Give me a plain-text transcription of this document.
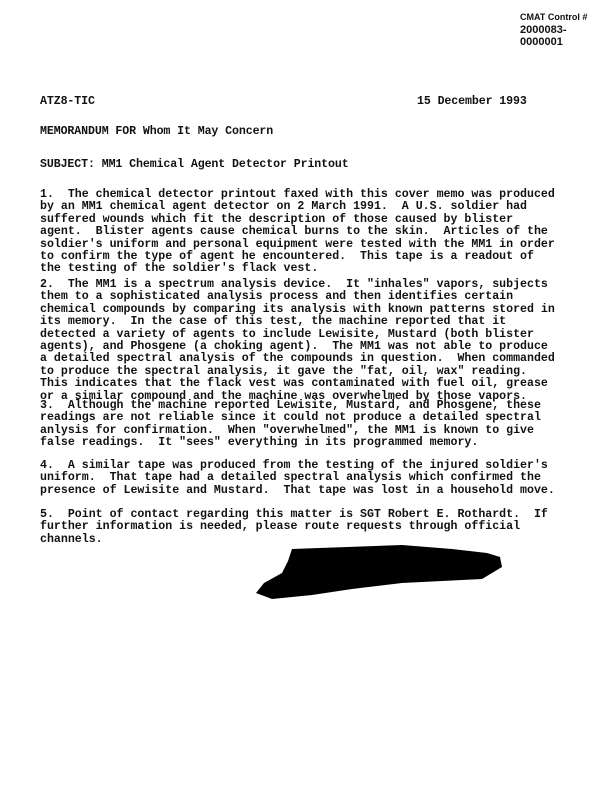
CMAT Control #
2000083-0000001
ATZ8-TIC	15 December 1993
MEMORANDUM FOR Whom It May Concern
SUBJECT: MM1 Chemical Agent Detector Printout
1.  The chemical detector printout faxed with this cover memo was produced
by an MM1 chemical agent detector on 2 March 1991.  A U.S. soldier had
suffered wounds which fit the description of those caused by blister
agent.  Blister agents cause chemical burns to the skin.  Articles of the
soldier's uniform and personal equipment were tested with the MM1 in order
to confirm the type of agent he encountered.  This tape is a readout of
the testing of the soldier's flack vest.
2.  The MM1 is a spectrum analysis device.  It "inhales" vapors, subjects
them to a sophisticated analysis process and then identifies certain
chemical compounds by comparing its analysis with known patterns stored in
its memory.  In the case of this test, the machine reported that it
detected a variety of agents to include Lewisite, Mustard (both blister
agents), and Phosgene (a choking agent).  The MM1 was not able to produce
a detailed spectral analysis of the compounds in question.  When commanded
to produce the spectral analysis, it gave the "fat, oil, wax" reading.
This indicates that the flack vest was contaminated with fuel oil, grease
or a similar compound and the machine was overwhelmed by those vapors.
3.  Although the machine reported Lewisite, Mustard, and Phosgene, these
readings are not reliable since it could not produce a detailed spectral
anlysis for confirmation.  When "overwhelmed", the MM1 is known to give
false readings.  It "sees" everything in its programmed memory.
4.  A similar tape was produced from the testing of the injured soldier's
uniform.  That tape had a detailed spectral analysis which confirmed the
presence of Lewisite and Mustard.  That tape was lost in a household move.
5.  Point of contact regarding this matter is SGT Robert E. Rothardt.  If
further information is needed, please route requests through official
channels.
